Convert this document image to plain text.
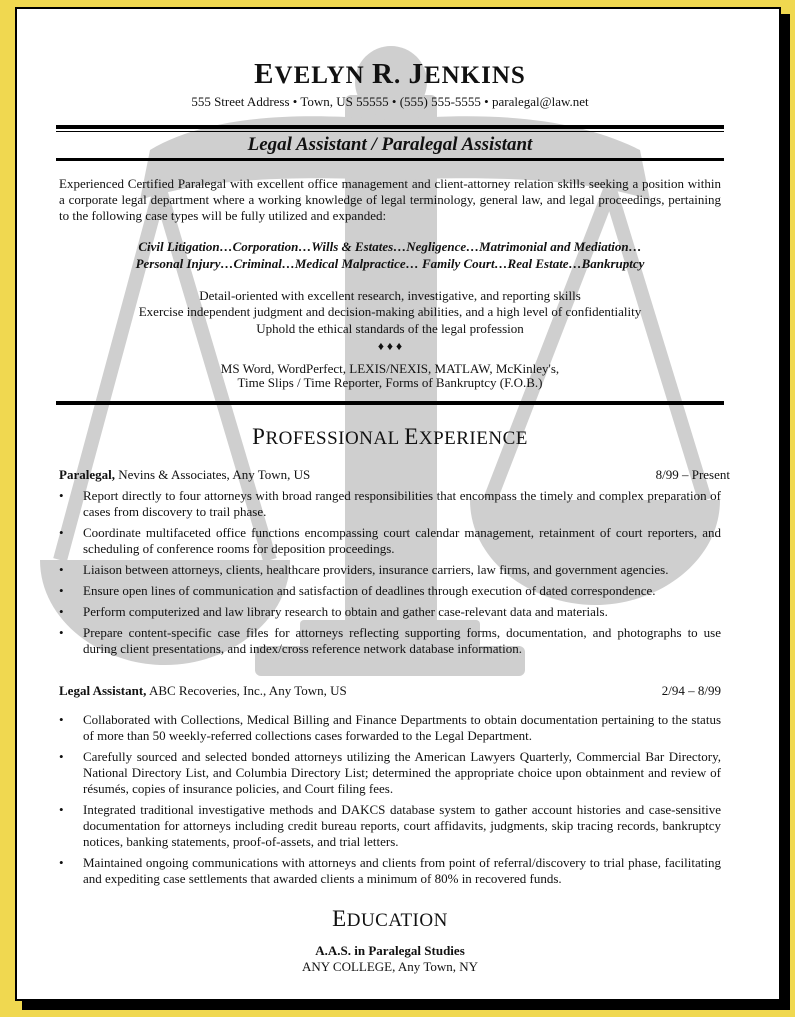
EVELYN R. JENKINS
555 Street Address • Town, US 55555 • (555) 555-5555 • paralegal@law.net
Legal Assistant / Paralegal Assistant
Experienced Certified Paralegal with excellent office management and client-attorney relation skills seeking a position within a corporate legal department where a working knowledge of legal terminology, general law, and legal proceedings, pertaining to the following case types will be fully utilized and expanded:
Civil Litigation…Corporation…Wills & Estates…Negligence…Matrimonial and Mediation…
Personal Injury…Criminal…Medical Malpractice… Family Court…Real Estate…Bankruptcy
Detail-oriented with excellent research, investigative, and reporting skills
Exercise independent judgment and decision-making abilities, and a high level of confidentiality
Uphold the ethical standards of the legal profession
♦ ♦ ♦
MS Word, WordPerfect, LEXIS/NEXIS, MATLAW, McKinley's,
Time Slips / Time Reporter, Forms of Bankruptcy (F.O.B.)
PROFESSIONAL EXPERIENCE
Paralegal, Nevins & Associates, Any Town, US	8/99 – Present
• Report directly to four attorneys with broad ranged responsibilities that encompass the timely and complex preparation of cases from discovery to trail phase.
• Coordinate multifaceted office functions encompassing court calendar management, retainment of court reporters, and scheduling of conference rooms for deposition proceedings.
• Liaison between attorneys, clients, healthcare providers, insurance carriers, law firms, and government agencies.
• Ensure open lines of communication and satisfaction of deadlines through execution of dated correspondence.
• Perform computerized and law library research to obtain and gather case-relevant data and materials.
• Prepare content-specific case files for attorneys reflecting supporting forms, documentation, and photographs to use during client presentations, and index/cross reference network database information.
Legal Assistant, ABC Recoveries, Inc., Any Town, US	2/94 – 8/99
• Collaborated with Collections, Medical Billing and Finance Departments to obtain documentation pertaining to the status of more than 50 weekly-referred collections cases forwarded to the Legal Department.
• Carefully sourced and selected bonded attorneys utilizing the American Lawyers Quarterly, Commercial Bar Directory, National Directory List, and Columbia Directory List; determined the appropriate choice upon obtainment and review of résumés, copies of insurance policies, and Court filing fees.
• Integrated traditional investigative methods and DAKCS database system to gather account histories and case-sensitive documentation for attorneys including credit bureau reports, court affidavits, judgments, skip tracing records, bankruptcy notices, banking statements, proof-of-assets, and trial letters.
• Maintained ongoing communications with attorneys and clients from point of referral/discovery to trial phase, facilitating and expediting case settlements that awarded clients a minimum of 80% in recovered funds.
EDUCATION
A.A.S. in Paralegal Studies
ANY COLLEGE, Any Town, NY
